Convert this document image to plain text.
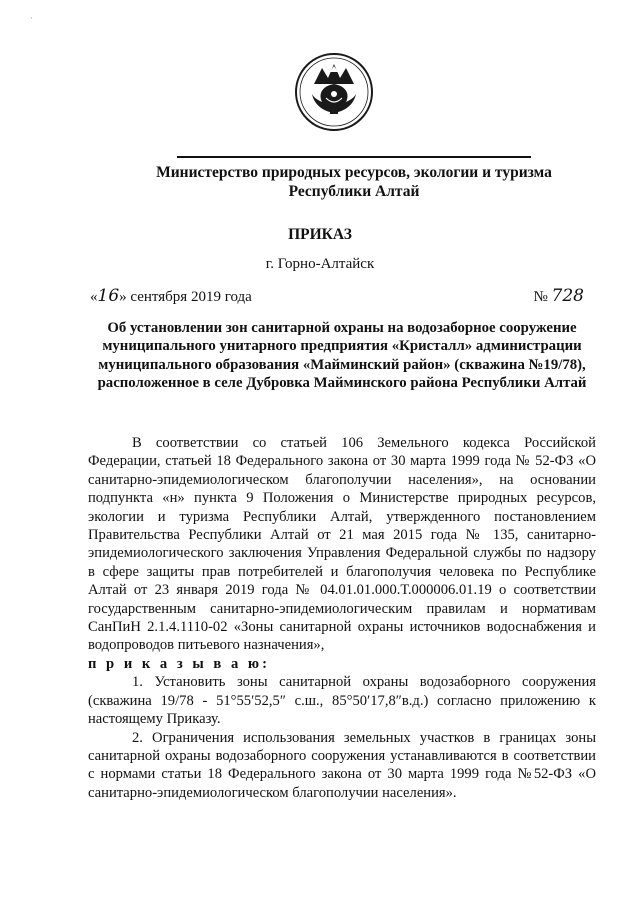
·
Министерство природных ресурсов, экологии и туризма Республики Алтай
ПРИКАЗ
г. Горно-Алтайск
«16» сентября 2019 года	№ 728
Об установлении зон санитарной охраны на водозаборное сооружение муниципального унитарного предприятия «Кристалл» администрации муниципального образования «Майминский район» (скважина №19/78), расположенное в селе Дубровка Майминского района Республики Алтай

В соответствии со статьей 106 Земельного кодекса Российской Федерации, статьей 18 Федерального закона от 30 марта 1999 года № 52-ФЗ «О санитарно-эпидемиологическом благополучии населения», на основании подпункта «н» пункта 9 Положения о Министерстве природных ресурсов, экологии и туризма Республики Алтай, утвержденного постановлением Правительства Республики Алтай от 21 мая 2015 года № 135, санитарно-эпидемиологического заключения Управления Федеральной службы по надзору в сфере защиты прав потребителей и благополучия человека по Республике Алтай от 23 января 2019 года № 04.01.01.000.Т.000006.01.19 о соответствии государственным санитарно-эпидемиологическим правилам и нормативам СанПиН 2.1.4.1110-02 «Зоны санитарной охраны источников водоснабжения и водопроводов питьевого назначения»,

п р и к а з ы в а ю:

1. Установить зоны санитарной охраны водозаборного сооружения (скважина 19/78 - 51°55′52,5″ с.ш., 85°50′17,8″в.д.) согласно приложению к настоящему Приказу.

2. Ограничения использования земельных участков в границах зоны санитарной охраны водозаборного сооружения устанавливаются в соответствии с нормами статьи 18 Федерального закона от 30 марта 1999 года №52-ФЗ «О санитарно-эпидемиологическом благополучии населения».
